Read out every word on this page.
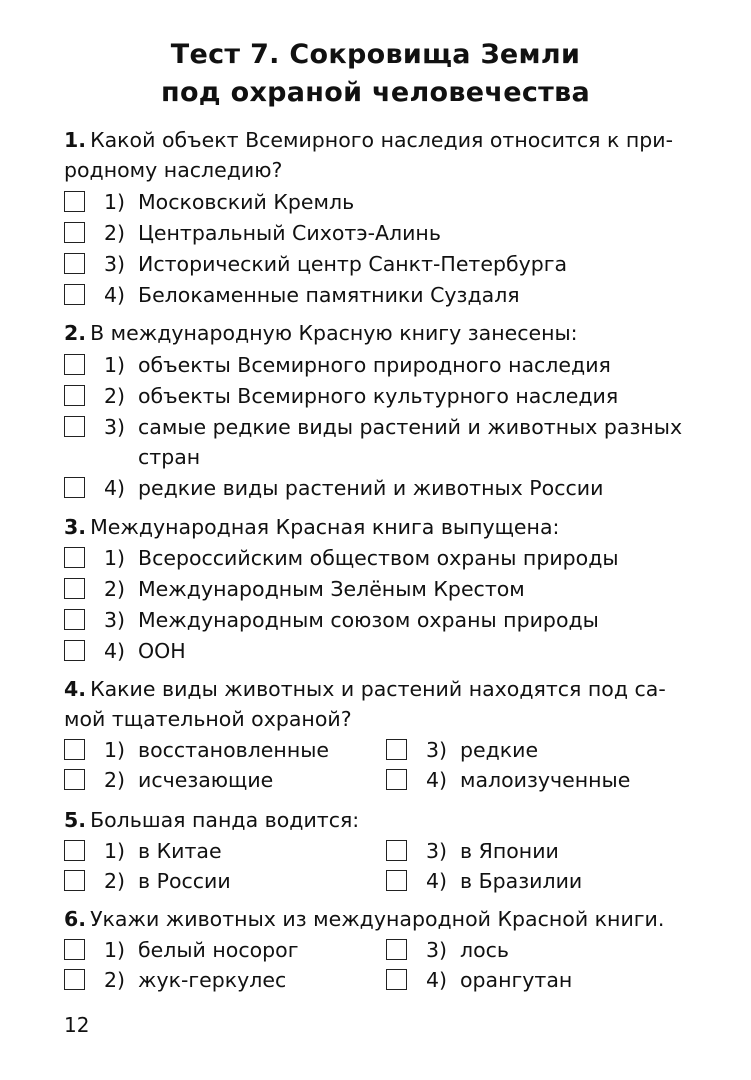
Тест 7. Сокровища Земли
под охраной человечества
1. Какой объект Всемирного наследия относится к при-
родному наследию?
1) Московский Кремль
2) Центральный Сихотэ-Алинь
3) Исторический центр Санкт-Петербурга
4) Белокаменные памятники Суздаля
2. В международную Красную книгу занесены:
1) объекты Всемирного природного наследия
2) объекты Всемирного культурного наследия
3) самые редкие виды растений и животных разных
стран
4) редкие виды растений и животных России
3. Международная Красная книга выпущена:
1) Всероссийским обществом охраны природы
2) Международным Зелёным Крестом
3) Международным союзом охраны природы
4) ООН
4. Какие виды животных и растений находятся под са-
мой тщательной охраной?
1) восстановленные
2) исчезающие
3) редкие
4) малоизученные
5. Большая панда водится:
1) в Китае
2) в России
3) в Японии
4) в Бразилии
6. Укажи животных из международной Красной книги.
1) белый носорог
2) жук-геркулес
3) лось
4) орангутан
12
